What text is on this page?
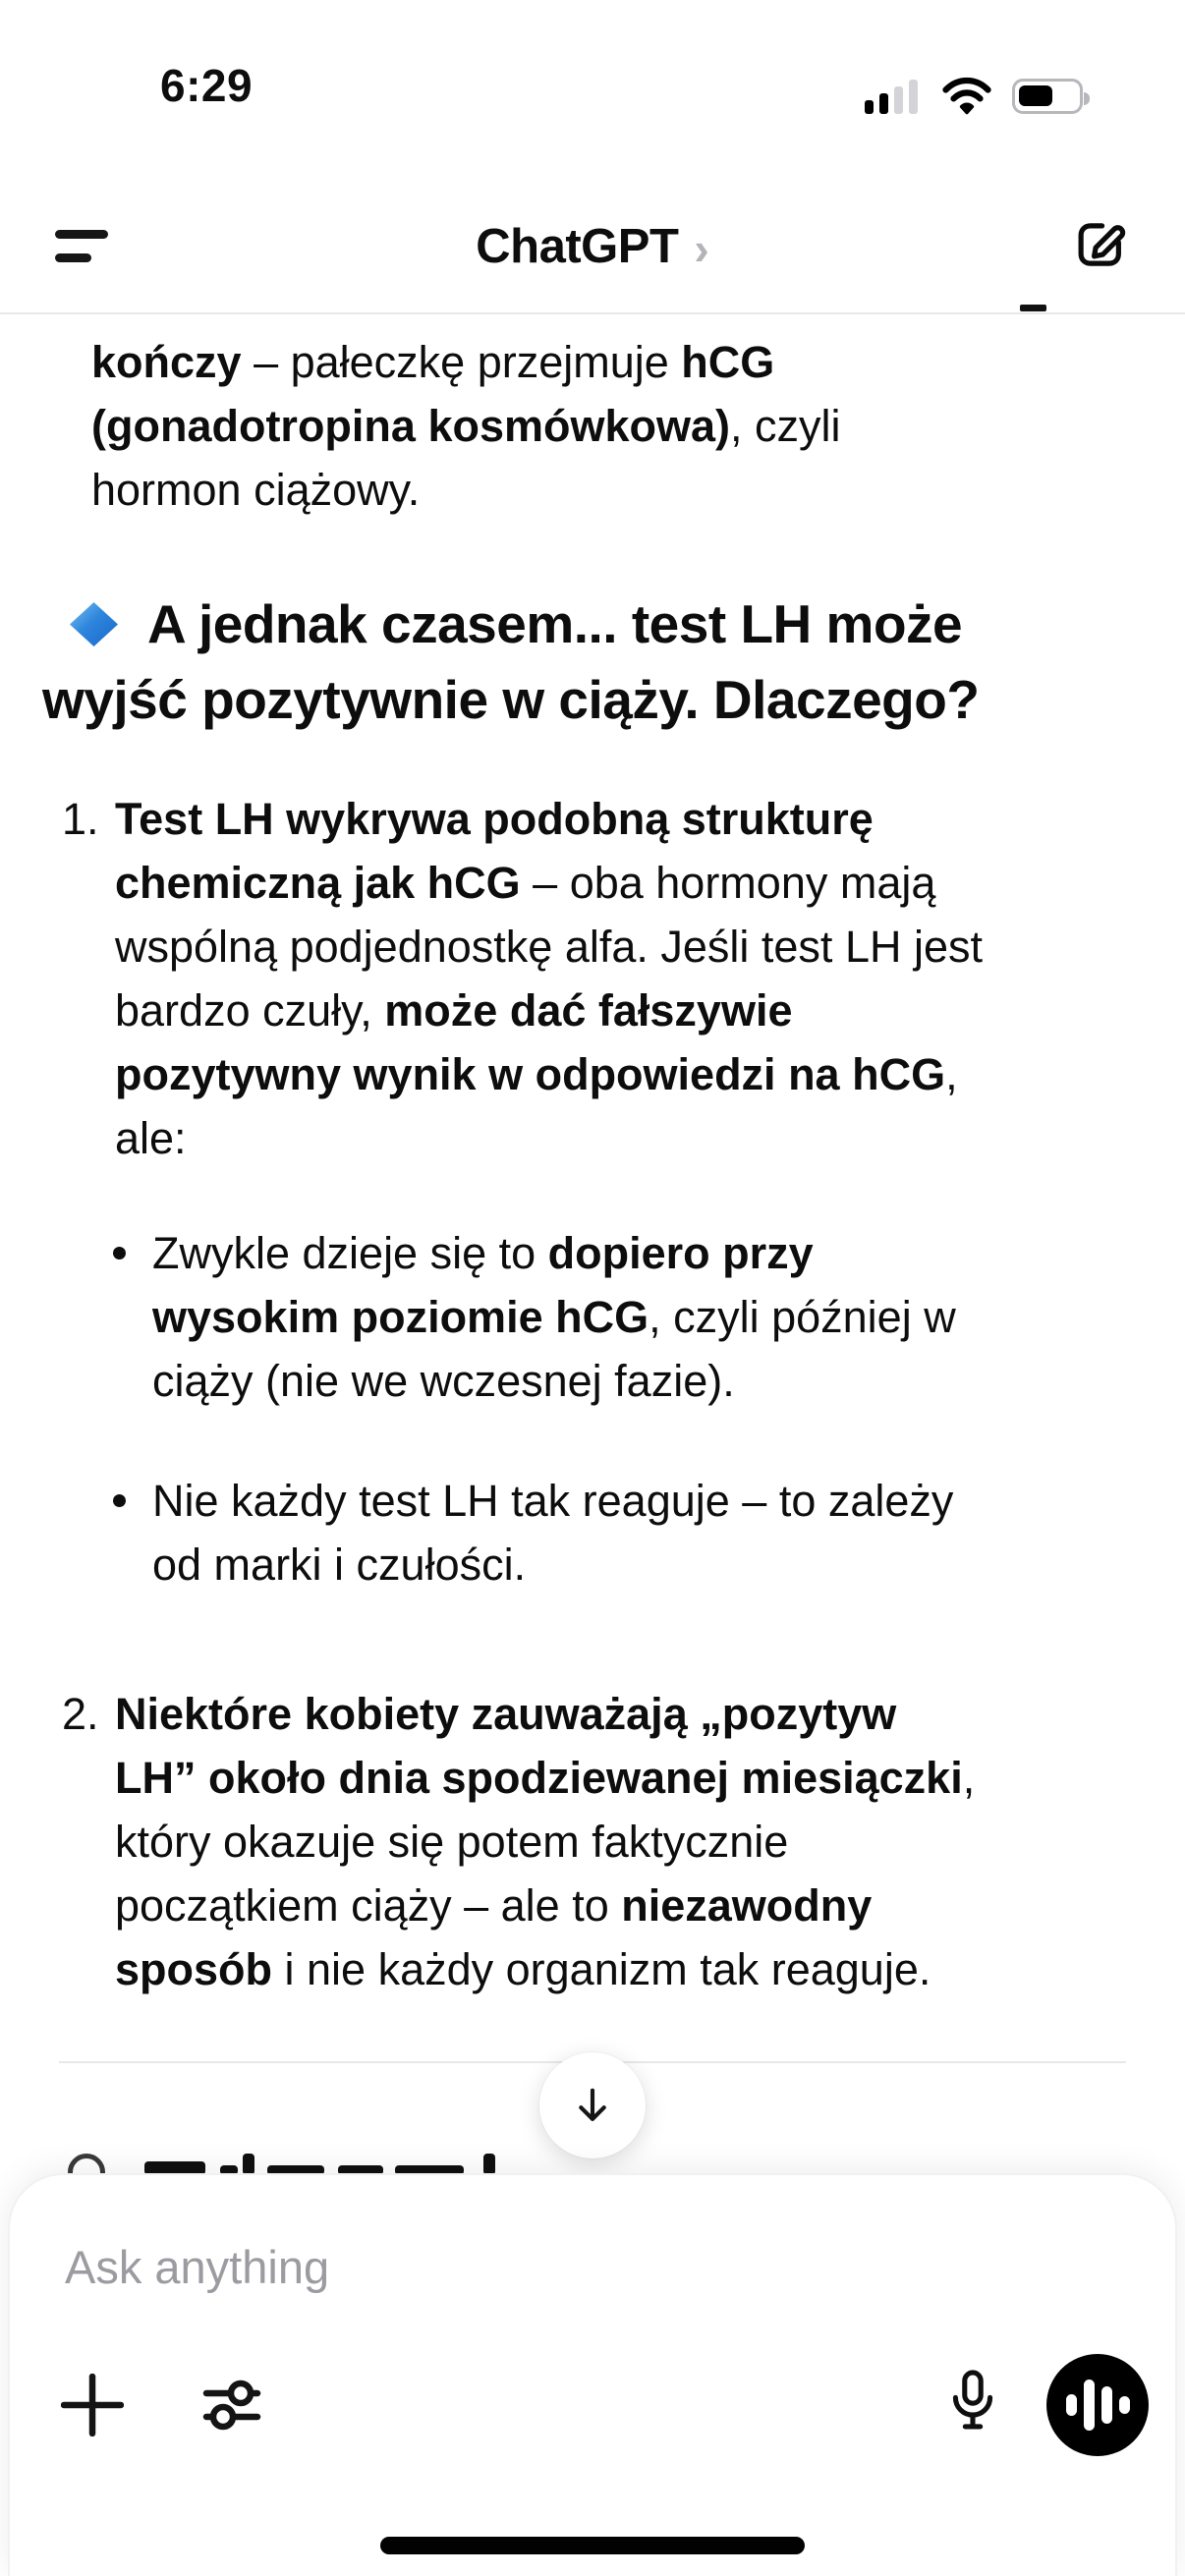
6:29
ChatGPT ›
kończy – pałeczkę przejmuje hCG
(gonadotropina kosmówkowa), czyli
hormon ciążowy.
A jednak czasem... test LH może
wyjść pozytywnie w ciąży. Dlaczego?
1. Test LH wykrywa podobną strukturę
chemiczną jak hCG – oba hormony mają
wspólną podjednostkę alfa. Jeśli test LH jest
bardzo czuły, może dać fałszywie
pozytywny wynik w odpowiedzi na hCG,
ale:
Zwykle dzieje się to dopiero przy
wysokim poziomie hCG, czyli później w
ciąży (nie we wczesnej fazie).
Nie każdy test LH tak reaguje – to zależy
od marki i czułości.
2. Niektóre kobiety zauważają „pozytyw
LH” około dnia spodziewanej miesiączki,
który okazuje się potem faktycznie
początkiem ciąży – ale to niezawodny
sposób i nie każdy organizm tak reaguje.
Ask anything
